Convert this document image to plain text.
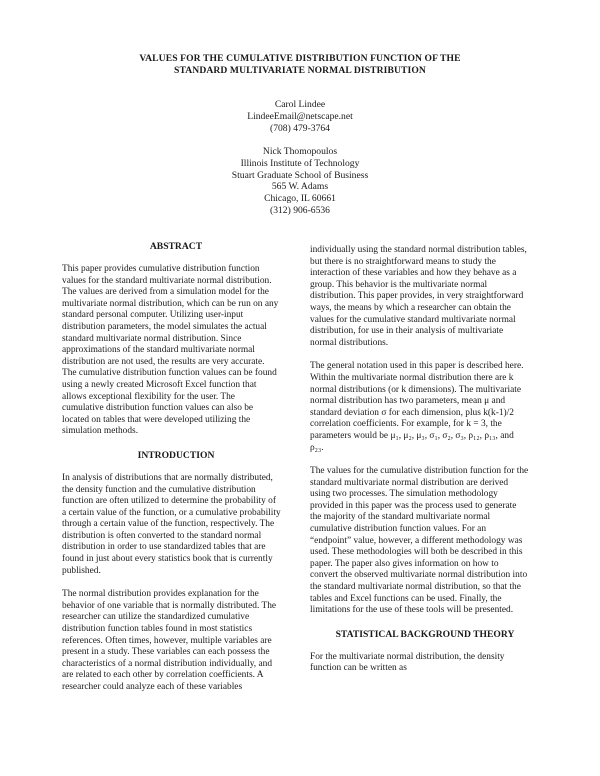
VALUES FOR THE CUMULATIVE DISTRIBUTION FUNCTION OF THE
STANDARD MULTIVARIATE NORMAL DISTRIBUTION
Carol Lindee
LindeeEmail@netscape.net
(708) 479-3764
Nick Thomopoulos
Illinois Institute of Technology
Stuart Graduate School of Business
565 W. Adams
Chicago, IL 60661
(312) 906-6536
ABSTRACT

This paper provides cumulative distribution function
values for the standard multivariate normal distribution.
The values are derived from a simulation model for the
multivariate normal distribution, which can be run on any
standard personal computer. Utilizing user-input
distribution parameters, the model simulates the actual
standard multivariate normal distribution. Since
approximations of the standard multivariate normal
distribution are not used, the results are very accurate.
The cumulative distribution function values can be found
using a newly created Microsoft Excel function that
allows exceptional flexibility for the user. The
cumulative distribution function values can also be
located on tables that were developed utilizing the
simulation methods.

INTRODUCTION

In analysis of distributions that are normally distributed,
the density function and the cumulative distribution
function are often utilized to determine the probability of
a certain value of the function, or a cumulative probability
through a certain value of the function, respectively. The
distribution is often converted to the standard normal
distribution in order to use standardized tables that are
found in just about every statistics book that is currently
published.

The normal distribution provides explanation for the
behavior of one variable that is normally distributed. The
researcher can utilize the standardized cumulative
distribution function tables found in most statistics
references. Often times, however, multiple variables are
present in a study. These variables can each possess the
characteristics of a normal distribution individually, and
are related to each other by correlation coefficients. A
researcher could analyze each of these variables

individually using the standard normal distribution tables,
but there is no straightforward means to study the
interaction of these variables and how they behave as a
group. This behavior is the multivariate normal
distribution. This paper provides, in very straightforward
ways, the means by which a researcher can obtain the
values for the cumulative standard multivariate normal
distribution, for use in their analysis of multivariate
normal distributions.

The general notation used in this paper is described here.
Within the multivariate normal distribution there are k
normal distributions (or k dimensions). The multivariate
normal distribution has two parameters, mean μ and
standard deviation σ for each dimension, plus k(k-1)/2
correlation coefficients. For example, for k = 3, the
parameters would be μ₁, μ₂, μ₃, σ₁, σ₂, σ₃, ρ₁₂, ρ₁₃, and
ρ₂₃.

The values for the cumulative distribution function for the
standard multivariate normal distribution are derived
using two processes. The simulation methodology
provided in this paper was the process used to generate
the majority of the standard multivariate normal
cumulative distribution function values. For an
“endpoint” value, however, a different methodology was
used. These methodologies will both be described in this
paper. The paper also gives information on how to
convert the observed multivariate normal distribution into
the standard multivariate normal distribution, so that the
tables and Excel functions can be used. Finally, the
limitations for the use of these tools will be presented.

STATISTICAL BACKGROUND THEORY

For the multivariate normal distribution, the density
function can be written as
